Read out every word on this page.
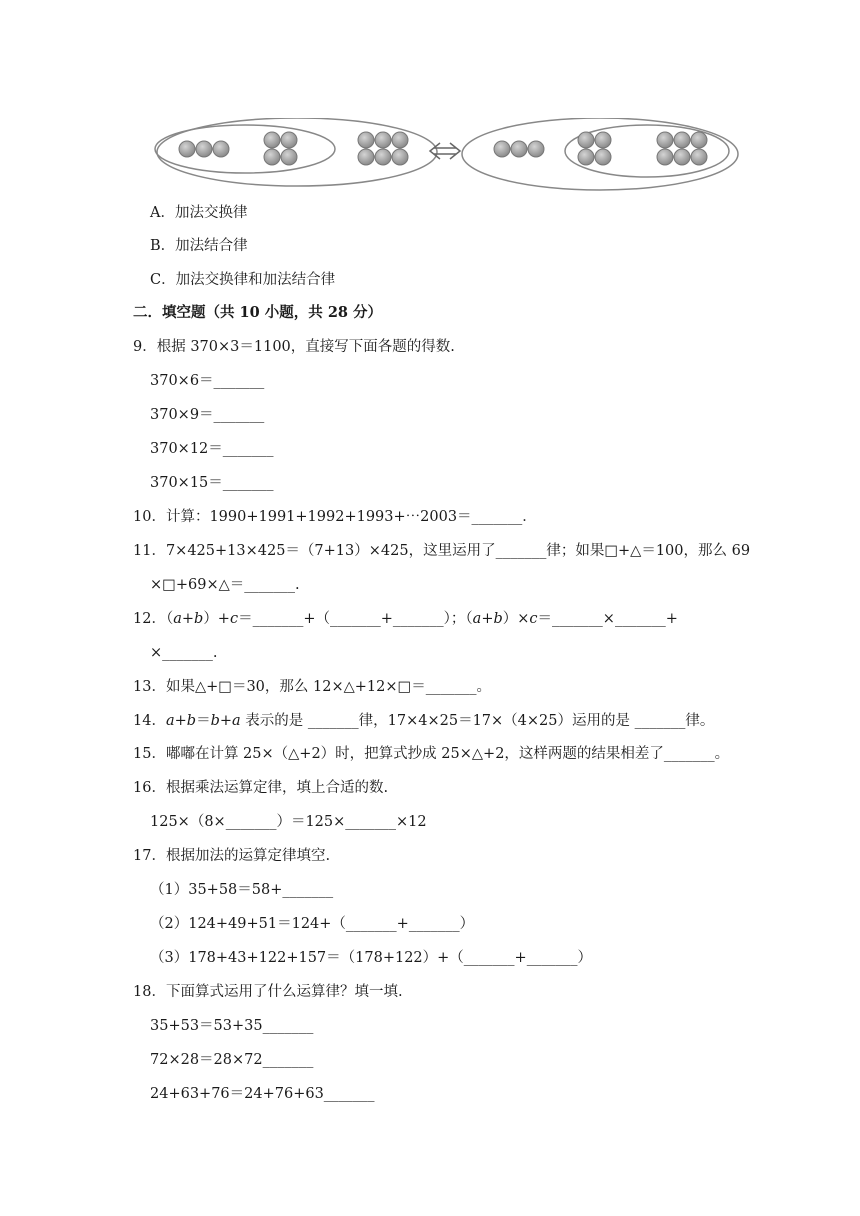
A．加法交换律
B．加法结合律
C．加法交换律和加法结合律
二．填空题（共 10 小题，共 28 分）
9．根据 370×3＝1100，直接写下面各题的得数.
370×6＝_______
370×9＝_______
370×12＝_______
370×15＝_______
10．计算：1990+1991+1992+1993+⋯2003＝_______．
11．7×425+13×425＝（7+13）×425，这里运用了_______律；如果□+△＝100，那么 69
×□+69×△＝_______.
12．（a+b）+c＝_______+（_______+_______）；（a+b）×c＝_______×_______+
×_______.
13．如果△+□＝30，那么 12×△+12×□＝_______。
14．a+b＝b+a 表示的是 _______律，17×4×25＝17×（4×25）运用的是 _______律。
15．嘟嘟在计算 25×（△+2）时，把算式抄成 25×△+2，这样两题的结果相差了_______。
16．根据乘法运算定律，填上合适的数.
125×（8×_______）＝125×_______×12
17．根据加法的运算定律填空.
（1）35+58＝58+_______
（2）124+49+51＝124+（_______+_______）
（3）178+43+122+157＝（178+122）+（_______+_______）
18．下面算式运用了什么运算律？填一填.
35+53＝53+35_______
72×28＝28×72_______
24+63+76＝24+76+63_______
